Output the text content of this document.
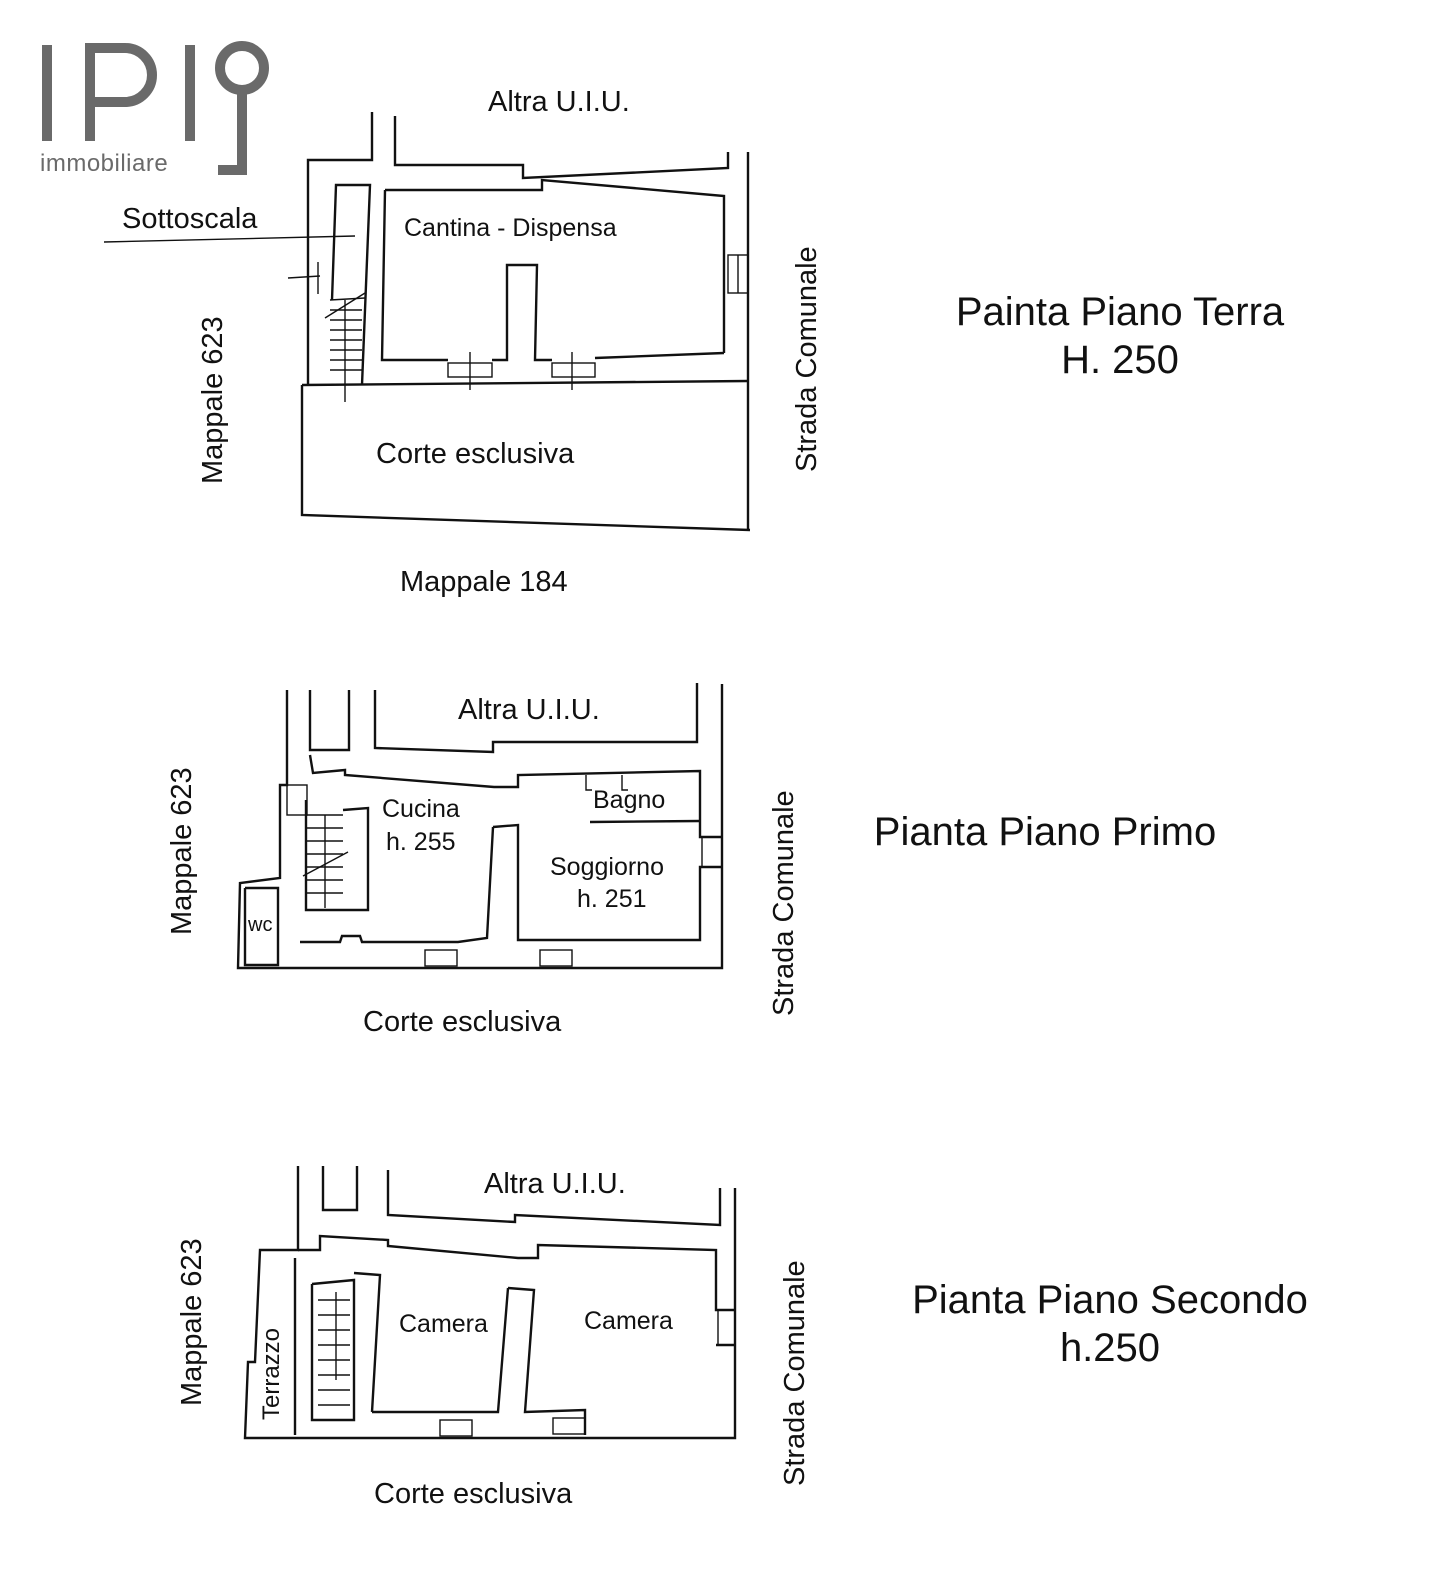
immobiliare
Altra U.I.U.
Sottoscala	Cantina - Dispensa
Corte esclusiva
Mappale 184
Mappale 623	Strada Comunale	Painta Piano Terra
H. 250
Altra U.I.U.
Cucina
h. 255
Bagno
Soggiorno
h. 251
wc
Corte esclusiva
Mappale 623	Strada Comunale	Pianta Piano Primo
Altra U.I.U.
Camera	Camera
Terrazzo
Corte esclusiva
Mappale 623	Strada Comunale	Pianta Piano Secondo
h.250
